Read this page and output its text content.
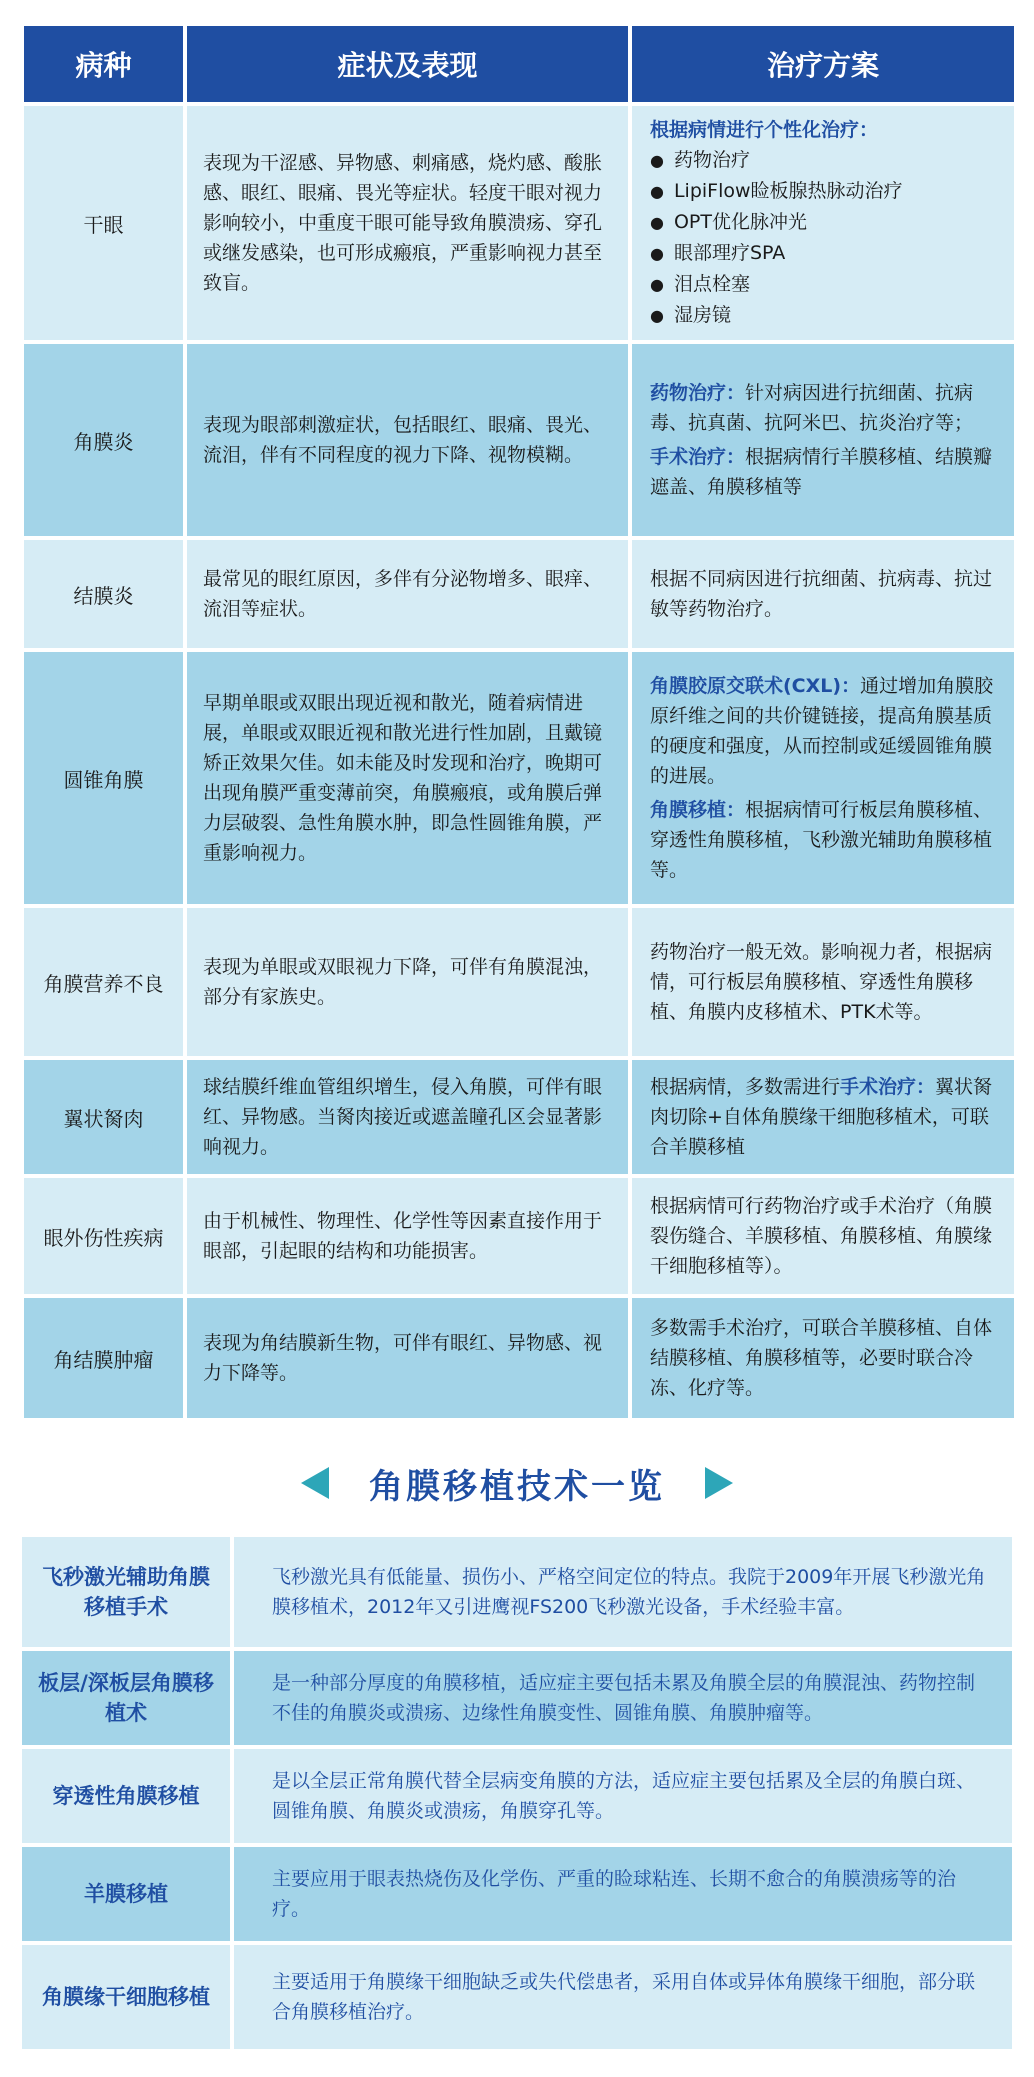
病种	症状及表现	治疗方案
干眼
表现为干涩感、异物感、刺痛感，烧灼感、酸胀感、眼红、眼痛、畏光等症状。轻度干眼对视力影响较小，中重度干眼可能导致角膜溃疡、穿孔或继发感染，也可形成瘢痕，严重影响视力甚至致盲。
根据病情进行个性化治疗：
● 药物治疗
● LipiFlow睑板腺热脉动治疗
● OPT优化脉冲光
● 眼部理疗SPA
● 泪点栓塞
● 湿房镜
角膜炎
表现为眼部刺激症状，包括眼红、眼痛、畏光、流泪，伴有不同程度的视力下降、视物模糊。

药物治疗：针对病因进行抗细菌、抗病毒、抗真菌、抗阿米巴、抗炎治疗等；

手术治疗：根据病情行羊膜移植、结膜瓣遮盖、角膜移植等

结膜炎
最常见的眼红原因，多伴有分泌物增多、眼痒、流泪等症状。
根据不同病因进行抗细菌、抗病毒、抗过敏等药物治疗。
圆锥角膜
早期单眼或双眼出现近视和散光，随着病情进展，单眼或双眼近视和散光进行性加剧，且戴镜矫正效果欠佳。如未能及时发现和治疗，晚期可出现角膜严重变薄前突，角膜瘢痕，或角膜后弹力层破裂、急性角膜水肿，即急性圆锥角膜，严重影响视力。

角膜胶原交联术(CXL)：通过增加角膜胶原纤维之间的共价键链接，提高角膜基质的硬度和强度，从而控制或延缓圆锥角膜的进展。

角膜移植：根据病情可行板层角膜移植、穿透性角膜移植，飞秒激光辅助角膜移植等。

角膜营养不良
表现为单眼或双眼视力下降，可伴有角膜混浊，部分有家族史。
药物治疗一般无效。影响视力者，根据病情，可行板层角膜移植、穿透性角膜移植、角膜内皮移植术、PTK术等。
翼状胬肉
球结膜纤维血管组织增生，侵入角膜，可伴有眼红、异物感。当胬肉接近或遮盖瞳孔区会显著影响视力。

根据病情，多数需进行手术治疗：翼状胬肉切除+自体角膜缘干细胞移植术，可联合羊膜移植

眼外伤性疾病
由于机械性、物理性、化学性等因素直接作用于眼部，引起眼的结构和功能损害。
根据病情可行药物治疗或手术治疗（角膜裂伤缝合、羊膜移植、角膜移植、角膜缘干细胞移植等）。
角结膜肿瘤
表现为角结膜新生物，可伴有眼红、异物感、视力下降等。
多数需手术治疗，可联合羊膜移植、自体结膜移植、角膜移植等，必要时联合冷冻、化疗等。
角膜移植技术一览
飞秒激光辅助角膜移植手术
飞秒激光具有低能量、损伤小、严格空间定位的特点。我院于2009年开展飞秒激光角膜移植术，2012年又引进鹰视FS200飞秒激光设备，手术经验丰富。
板层/深板层角膜移植术
是一种部分厚度的角膜移植，适应症主要包括未累及角膜全层的角膜混浊、药物控制不佳的角膜炎或溃疡、边缘性角膜变性、圆锥角膜、角膜肿瘤等。
穿透性角膜移植
是以全层正常角膜代替全层病变角膜的方法，适应症主要包括累及全层的角膜白斑、圆锥角膜、角膜炎或溃疡，角膜穿孔等。
羊膜移植
主要应用于眼表热烧伤及化学伤、严重的睑球粘连、长期不愈合的角膜溃疡等的治疗。
角膜缘干细胞移植
主要适用于角膜缘干细胞缺乏或失代偿患者，采用自体或异体角膜缘干细胞，部分联合角膜移植治疗。
